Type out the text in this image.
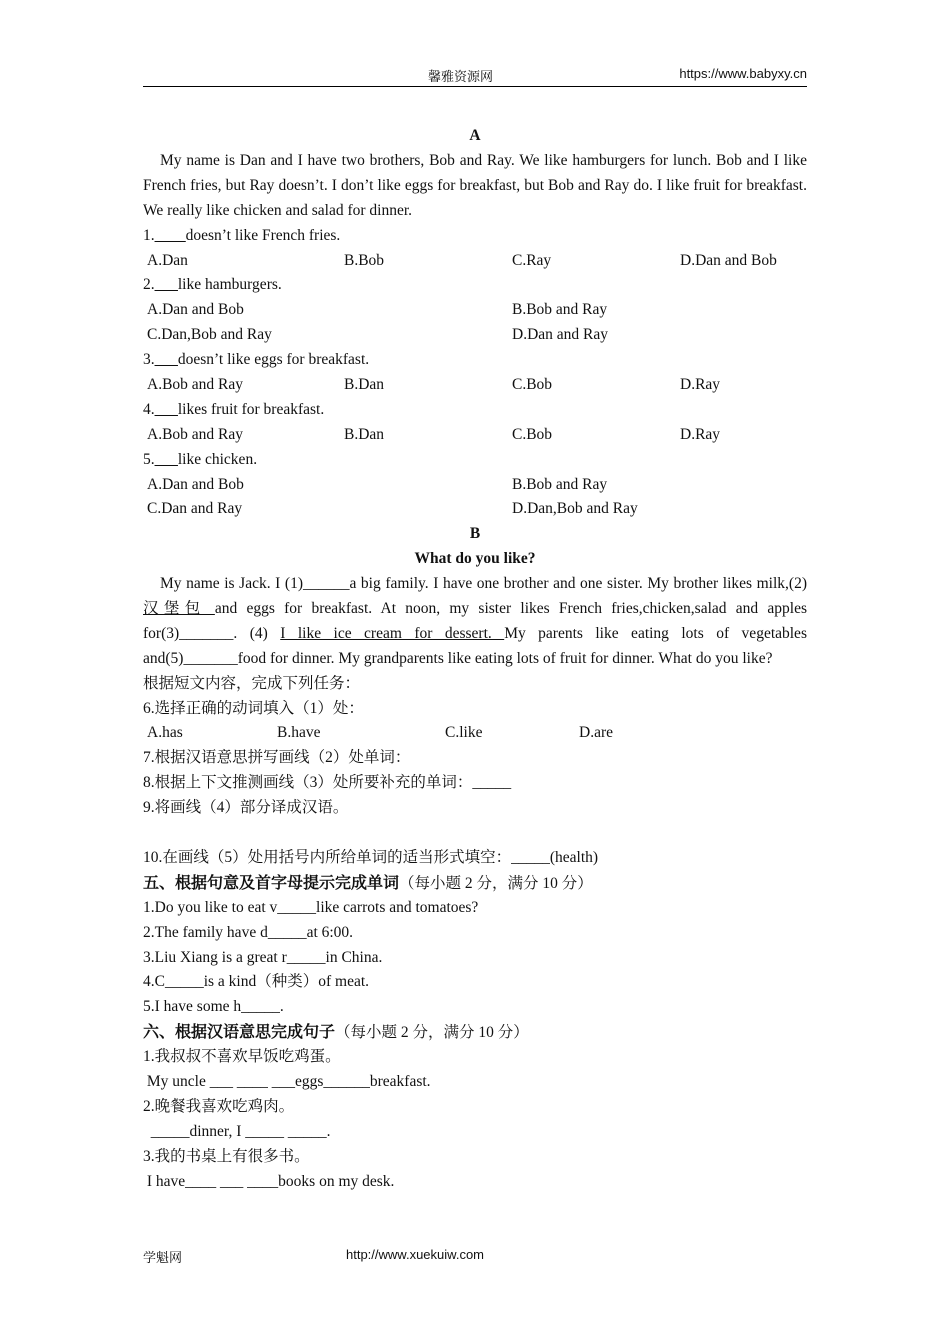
馨雅资源网	https://www.babyxy.cn
A
My name is Dan and I have two brothers, Bob and Ray. We like hamburgers for lunch. Bob and I like French fries, but Ray doesn’t. I don’t like eggs for breakfast, but Bob and Ray do. I like fruit for breakfast. We really like chicken and salad for dinner.
1.____doesn’t like French fries.
A.Dan	B.Bob	C.Ray	D.Dan and Bob
2.___like hamburgers.
A.Dan and Bob	B.Bob and Ray
C.Dan,Bob and Ray	D.Dan and Ray
3.___doesn’t like eggs for breakfast.
A.Bob and Ray	B.Dan	C.Bob	D.Ray
4.___likes fruit for breakfast.
A.Bob and Ray	B.Dan	C.Bob	D.Ray
5.___like chicken.
A.Dan and Bob	B.Bob and Ray
C.Dan and Ray	D.Dan,Bob and Ray
B
What do you like?
My name is Jack. I (1)______a big family. I have one brother and one sister. My brother likes milk,(2)汉堡包 and eggs for breakfast. At noon, my sister likes French fries,chicken,salad and apples for(3)_______. (4) I like ice cream for dessert. My parents like eating lots of vegetables and(5)_______food for dinner. My grandparents like eating lots of fruit for dinner. What do you like?
根据短文内容，完成下列任务：
6.选择正确的动词填入（1）处：
A.has	B.have	C.like	D.are
7.根据汉语意思拼写画线（2）处单词：
8.根据上下文推测画线（3）处所要补充的单词：_____
9.将画线（4）部分译成汉语。
10.在画线（5）处用括号内所给单词的适当形式填空：_____(health)
五、根据句意及首字母提示完成单词（每小题 2 分，满分 10 分）
1.Do you like to eat v_____like carrots and tomatoes?
2.The family have d_____at 6:00.
3.Liu Xiang is a great r_____in China.
4.C_____is a kind（种类）of meat.
5.I have some h_____.
六、根据汉语意思完成句子（每小题 2 分，满分 10 分）
1.我叔叔不喜欢早饭吃鸡蛋。
My uncle ___ ____ ___eggs______breakfast.
2.晚餐我喜欢吃鸡肉。
_____dinner, I _____ _____.
3.我的书桌上有很多书。
I have____ ___ ____books on my desk.
学魁网	http://www.xuekuiw.com
